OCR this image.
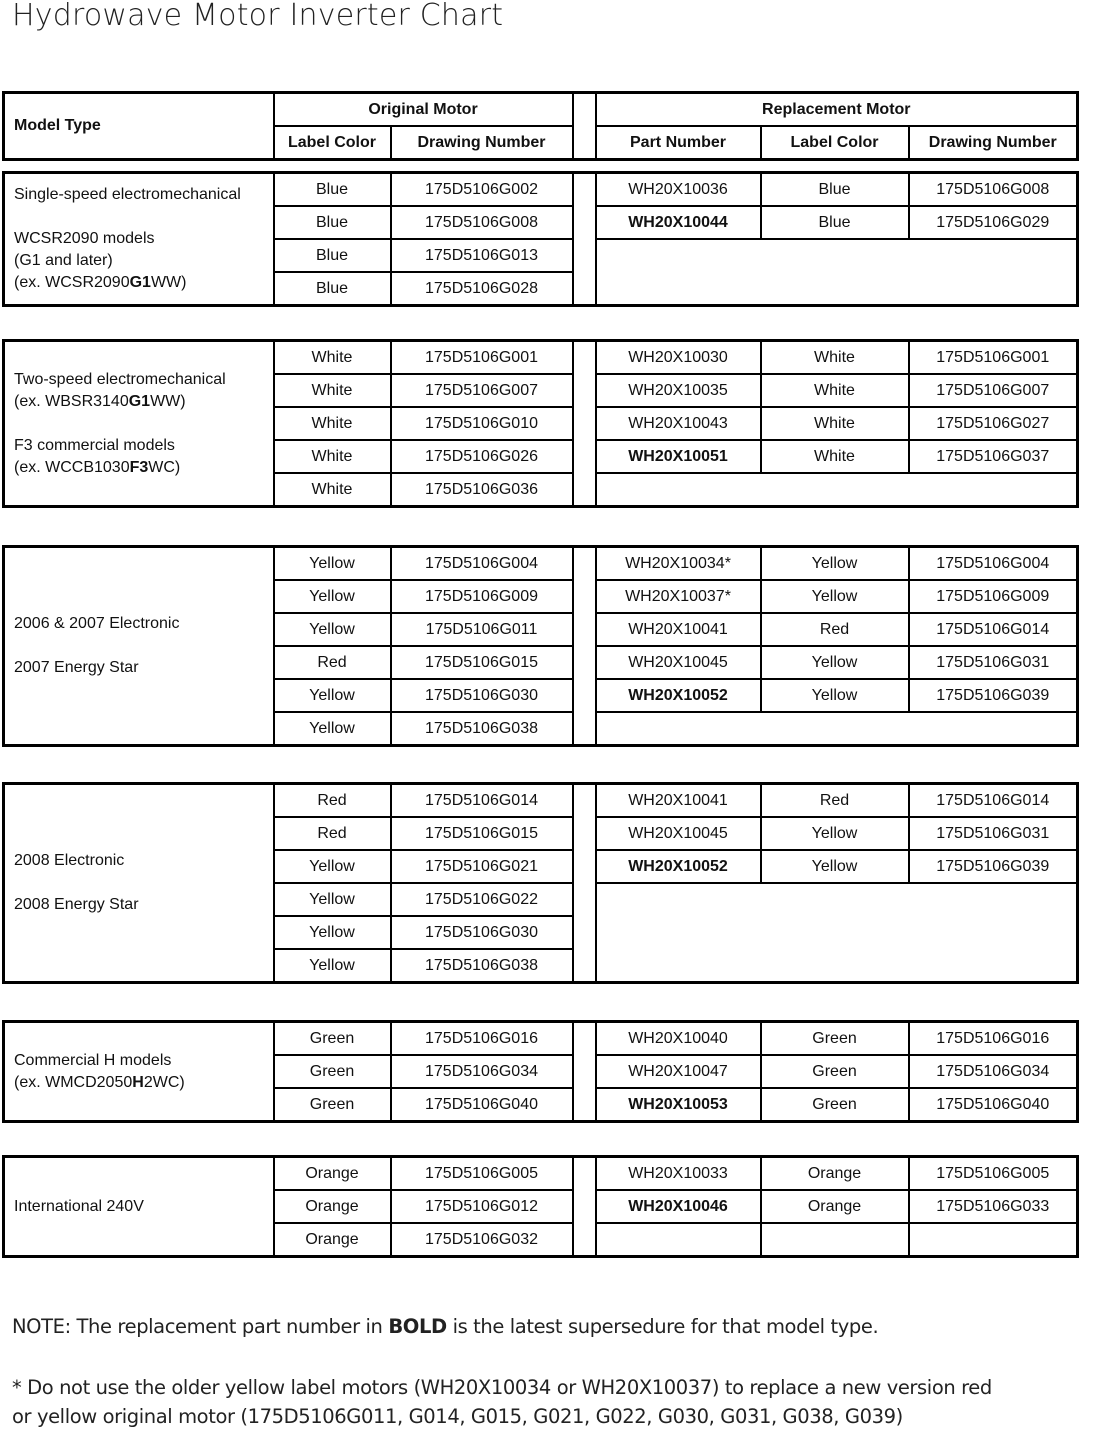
Hydrowave Motor Inverter Chart
Model Type	Original Motor			Replacement Motor		
	Label Color	Drawing Number		Part Number	Label Color	Drawing Number
Single-speed electromechanical

WCSR2090 models
(G1 and later)
(ex. WCSR2090G1WW)	Blue	175D5106G002		WH20X10036	Blue	175D5106G008
	Blue	175D5106G008		WH20X10044	Blue	175D5106G029
	Blue	175D5106G013				
	Blue	175D5106G028				
Two-speed electromechanical
(ex. WBSR3140G1WW)

F3 commercial models
(ex. WCCB1030F3WC)	White	175D5106G001		WH20X10030	White	175D5106G001
	White	175D5106G007		WH20X10035	White	175D5106G007
	White	175D5106G010		WH20X10043	White	175D5106G027
	White	175D5106G026		WH20X10051	White	175D5106G037
	White	175D5106G036				
2006 & 2007 Electronic

2007 Energy Star	Yellow	175D5106G004		WH20X10034*	Yellow	175D5106G004
	Yellow	175D5106G009		WH20X10037*	Yellow	175D5106G009
	Yellow	175D5106G011		WH20X10041	Red	175D5106G014
	Red	175D5106G015		WH20X10045	Yellow	175D5106G031
	Yellow	175D5106G030		WH20X10052	Yellow	175D5106G039
	Yellow	175D5106G038				
2008 Electronic

2008 Energy Star	Red	175D5106G014		WH20X10041	Red	175D5106G014
	Red	175D5106G015		WH20X10045	Yellow	175D5106G031
	Yellow	175D5106G021		WH20X10052	Yellow	175D5106G039
	Yellow	175D5106G022				
	Yellow	175D5106G030				
	Yellow	175D5106G038				
Commercial H models
(ex. WMCD2050H2WC)	Green	175D5106G016		WH20X10040	Green	175D5106G016
	Green	175D5106G034		WH20X10047	Green	175D5106G034
	Green	175D5106G040		WH20X10053	Green	175D5106G040
International 240V	Orange	175D5106G005		WH20X10033	Orange	175D5106G005
	Orange	175D5106G012		WH20X10046	Orange	175D5106G033
	Orange	175D5106G032				
NOTE: The replacement part number in BOLD is the latest supersedure for that model type.
* Do not use the older yellow label motors (WH20X10034 or WH20X10037) to replace a new version red
or yellow original motor (175D5106G011, G014, G015, G021, G022, G030, G031, G038, G039)
